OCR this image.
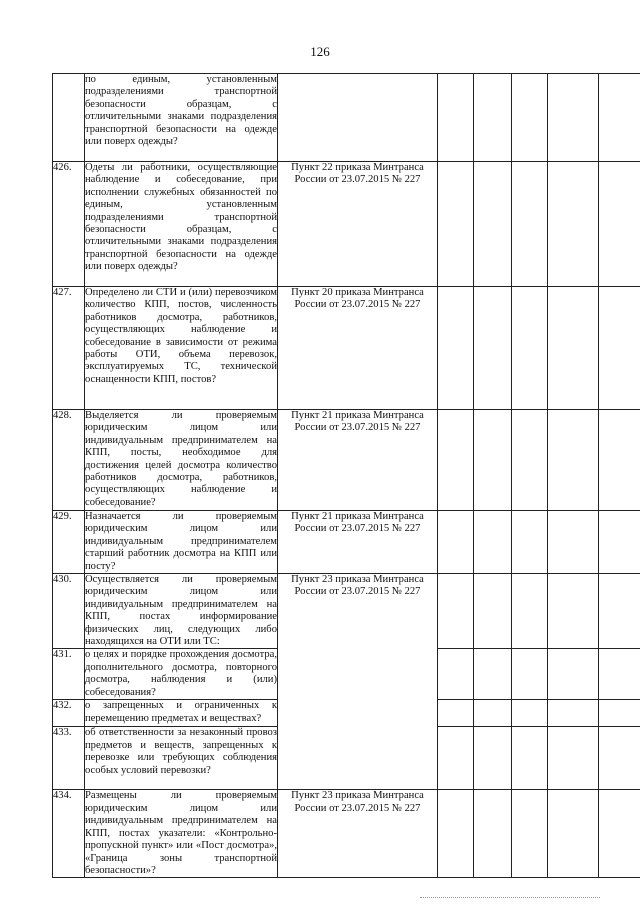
126

	по единым, установленным подразделениями транспортной безопасности образцам, с отличительными знаками подразделения транспортной безопасности на одежде или поверх одежды?						

426.	Одеты ли работники, осуществляющие наблюдение и собеседование, при исполнении служебных обязанностей по единым, установленным подразделениями транспортной безопасности образцам, с отличительными знаками подразделения транспортной безопасности на одежде или поверх одежды?	Пункт 22 приказа Минтранса России от 23.07.2015 № 227					
427.	Определено ли СТИ и (или) перевозчиком количество КПП, постов, численность работников досмотра, работников, осуществляющих наблюдение и собеседование в зависимости от режима работы ОТИ, объема перевозок, эксплуатируемых ТС, технической оснащенности КПП, постов?	Пункт 20 приказа Минтранса России от 23.07.2015 № 227					
428.	Выделяется ли проверяемым юридическим лицом или индивидуальным предпринимателем на КПП, посты, необходимое для достижения целей досмотра количество работников досмотра, работников, осуществляющих наблюдение и собеседование?	Пункт 21 приказа Минтранса России от 23.07.2015 № 227					
429.	Назначается ли проверяемым юридическим лицом или индивидуальным предпринимателем старший работник досмотра на КПП или посту?	Пункт 21 приказа Минтранса России от 23.07.2015 № 227					
430.	Осуществляется ли проверяемым юридическим лицом или индивидуальным предпринимателем на КПП, постах информирование физических лиц, следующих либо находящихся на ОТИ или ТС:	Пункт 23 приказа Минтранса России от 23.07.2015 № 227					
431.	о целях и порядке прохождения досмотра, дополнительного досмотра, повторного досмотра, наблюдения и (или) собеседования?						

432.	о запрещенных и ограниченных к перемещению предметах и веществах?						

433.	об ответственности за незаконный провоз предметов и веществ, запрещенных к перевозке или требующих соблюдения особых условий перевозки?						

434.	Размещены ли проверяемым юридическим лицом или индивидуальным предпринимателем на КПП, постах указатели: «Контрольно-пропускной пункт» или «Пост досмотра», «Граница зоны транспортной безопасности»?	Пункт 23 приказа Минтранса России от 23.07.2015 № 227					
